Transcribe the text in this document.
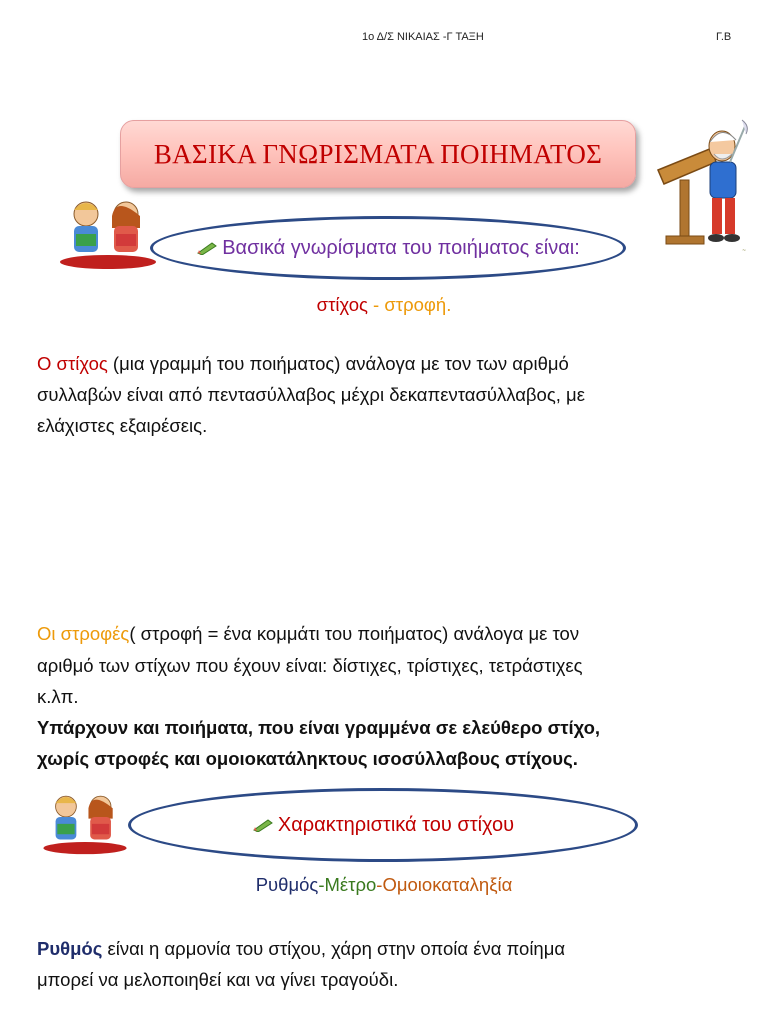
1ο Δ/Σ ΝΙΚΑΙΑΣ -Γ ΤΑΞΗ	Γ.Β
ΒΑΣΙΚΑ ΓΝΩΡΙΣΜΑΤΑ ΠΟΙΗΜΑΤΟΣ
~
Βασικά γνωρίσματα του ποιήματος είναι:
στίχος - στροφή.
Ο στίχος (μια γραμμή του ποιήματος) ανάλογα με τον των αριθμό
συλλαβών είναι από πεντασύλλαβος μέχρι δεκαπεντασύλλαβος, με
ελάχιστες εξαιρέσεις.
Οι στροφές( στροφή = ένα κομμάτι του ποιήματος) ανάλογα με τον
αριθμό των στίχων που έχουν είναι: δίστιχες, τρίστιχες, τετράστιχες
κ.λπ.
Υπάρχουν και ποιήματα, που είναι γραμμένα σε ελεύθερο στίχο,
χωρίς στροφές και ομοιοκατάληκτους ισοσύλλαβους στίχους.
Χαρακτηριστικά του στίχου
Ρυθμός-Μέτρο-Ομοιοκαταληξία
Ρυθμός είναι η αρμονία του στίχου, χάρη στην οποία ένα ποίημα
μπορεί να μελοποιηθεί και να γίνει τραγούδι.
